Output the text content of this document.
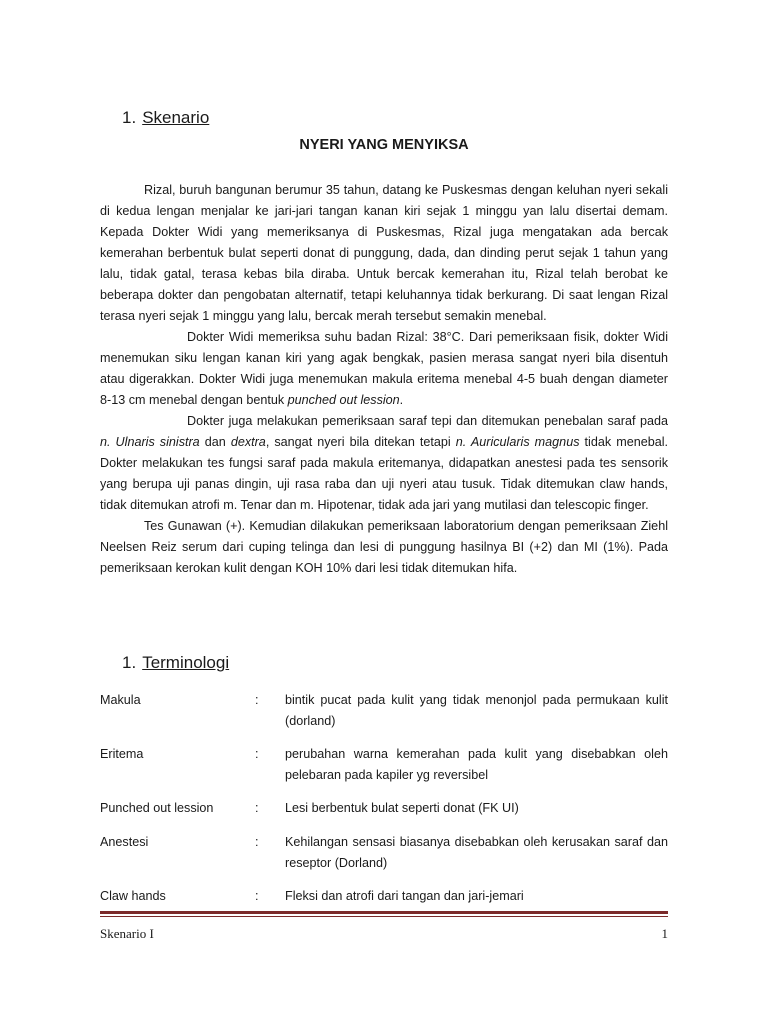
1. Skenario
NYERI YANG MENYIKSA

Rizal, buruh bangunan berumur 35 tahun, datang ke Puskesmas dengan keluhan nyeri sekali di kedua lengan menjalar ke jari-jari tangan kanan kiri sejak 1 minggu yan lalu disertai demam. Kepada Dokter Widi yang memeriksanya di Puskesmas, Rizal juga mengatakan ada bercak kemerahan berbentuk bulat seperti donat di punggung, dada, dan dinding perut sejak 1 tahun yang lalu, tidak gatal, terasa kebas bila diraba. Untuk bercak kemerahan itu, Rizal telah berobat ke beberapa dokter dan pengobatan alternatif, tetapi keluhannya tidak berkurang. Di saat lengan Rizal terasa nyeri sejak 1 minggu yang lalu, bercak merah tersebut semakin menebal.

Dokter Widi memeriksa suhu badan Rizal: 38°C. Dari pemeriksaan fisik, dokter Widi menemukan siku lengan kanan kiri yang agak bengkak, pasien merasa sangat nyeri bila disentuh atau digerakkan. Dokter Widi juga menemukan makula eritema menebal 4-5 buah dengan diameter 8-13 cm menebal dengan bentuk punched out lession.

Dokter juga melakukan pemeriksaan saraf tepi dan ditemukan penebalan saraf pada n. Ulnaris sinistra dan dextra, sangat nyeri bila ditekan tetapi n. Auricularis magnus tidak menebal. Dokter melakukan tes fungsi saraf pada makula eritemanya, didapatkan anestesi pada tes sensorik yang berupa uji panas dingin, uji rasa raba dan uji nyeri atau tusuk. Tidak ditemukan claw hands, tidak ditemukan atrofi m. Tenar dan m. Hipotenar, tidak ada jari yang mutilasi dan telescopic finger.

Tes Gunawan (+). Kemudian dilakukan pemeriksaan laboratorium dengan pemeriksaan Ziehl Neelsen Reiz serum dari cuping telinga dan lesi di punggung hasilnya BI (+2) dan MI (1%). Pada pemeriksaan kerokan kulit dengan KOH 10% dari lesi tidak ditemukan hifa.

1. Terminologi
Makula	:	bintik pucat pada kulit yang tidak menonjol pada permukaan kulit (dorland)
Eritema	:	perubahan warna kemerahan pada kulit yang disebabkan oleh pelebaran pada kapiler yg reversibel
Punched out lession	:	Lesi berbentuk bulat seperti donat (FK UI)
Anestesi	:	Kehilangan sensasi biasanya disebabkan oleh kerusakan saraf dan reseptor (Dorland)
Claw hands	:	Fleksi dan atrofi dari tangan dan jari-jemari
Skenario I	1
